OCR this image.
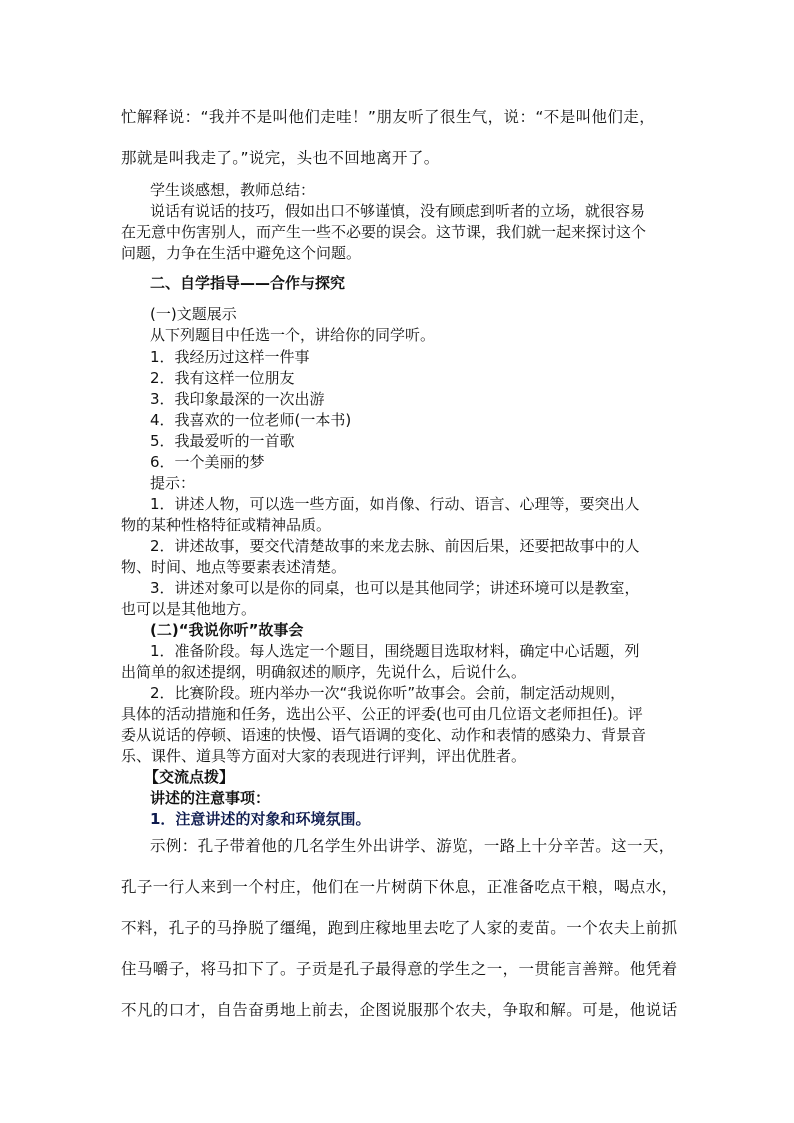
忙解释说：“我并不是叫他们走哇！”朋友听了很生气，说：“不是叫他们走，
那就是叫我走了。”说完，头也不回地离开了。
学生谈感想，教师总结：
说话有说话的技巧，假如出口不够谨慎，没有顾虑到听者的立场，就很容易
在无意中伤害别人，而产生一些不必要的误会。这节课，我们就一起来探讨这个
问题，力争在生活中避免这个问题。
二、自学指导——合作与探究
(一)文题展示
从下列题目中任选一个，讲给你的同学听。
1．我经历过这样一件事
2．我有这样一位朋友
3．我印象最深的一次出游
4．我喜欢的一位老师(一本书)
5．我最爱听的一首歌
6．一个美丽的梦
提示：
1．讲述人物，可以选一些方面，如肖像、行动、语言、心理等，要突出人
物的某种性格特征或精神品质。
2．讲述故事，要交代清楚故事的来龙去脉、前因后果，还要把故事中的人
物、时间、地点等要素表述清楚。
3．讲述对象可以是你的同桌，也可以是其他同学；讲述环境可以是教室，
也可以是其他地方。
(二)“我说你听”故事会
1．准备阶段。每人选定一个题目，围绕题目选取材料，确定中心话题，列
出简单的叙述提纲，明确叙述的顺序，先说什么，后说什么。
2．比赛阶段。班内举办一次“我说你听”故事会。会前，制定活动规则，
具体的活动措施和任务，选出公平、公正的评委(也可由几位语文老师担任)。评
委从说话的停顿、语速的快慢、语气语调的变化、动作和表情的感染力、背景音
乐、课件、道具等方面对大家的表现进行评判，评出优胜者。
【交流点拨】
讲述的注意事项：
1．注意讲述的对象和环境氛围。
示例：孔子带着他的几名学生外出讲学、游览，一路上十分辛苦。这一天，
孔子一行人来到一个村庄，他们在一片树荫下休息，正准备吃点干粮，喝点水，
不料，孔子的马挣脱了缰绳，跑到庄稼地里去吃了人家的麦苗。一个农夫上前抓
住马嚼子，将马扣下了。子贡是孔子最得意的学生之一，一贯能言善辩。他凭着
不凡的口才，自告奋勇地上前去，企图说服那个农夫，争取和解。可是，他说话
